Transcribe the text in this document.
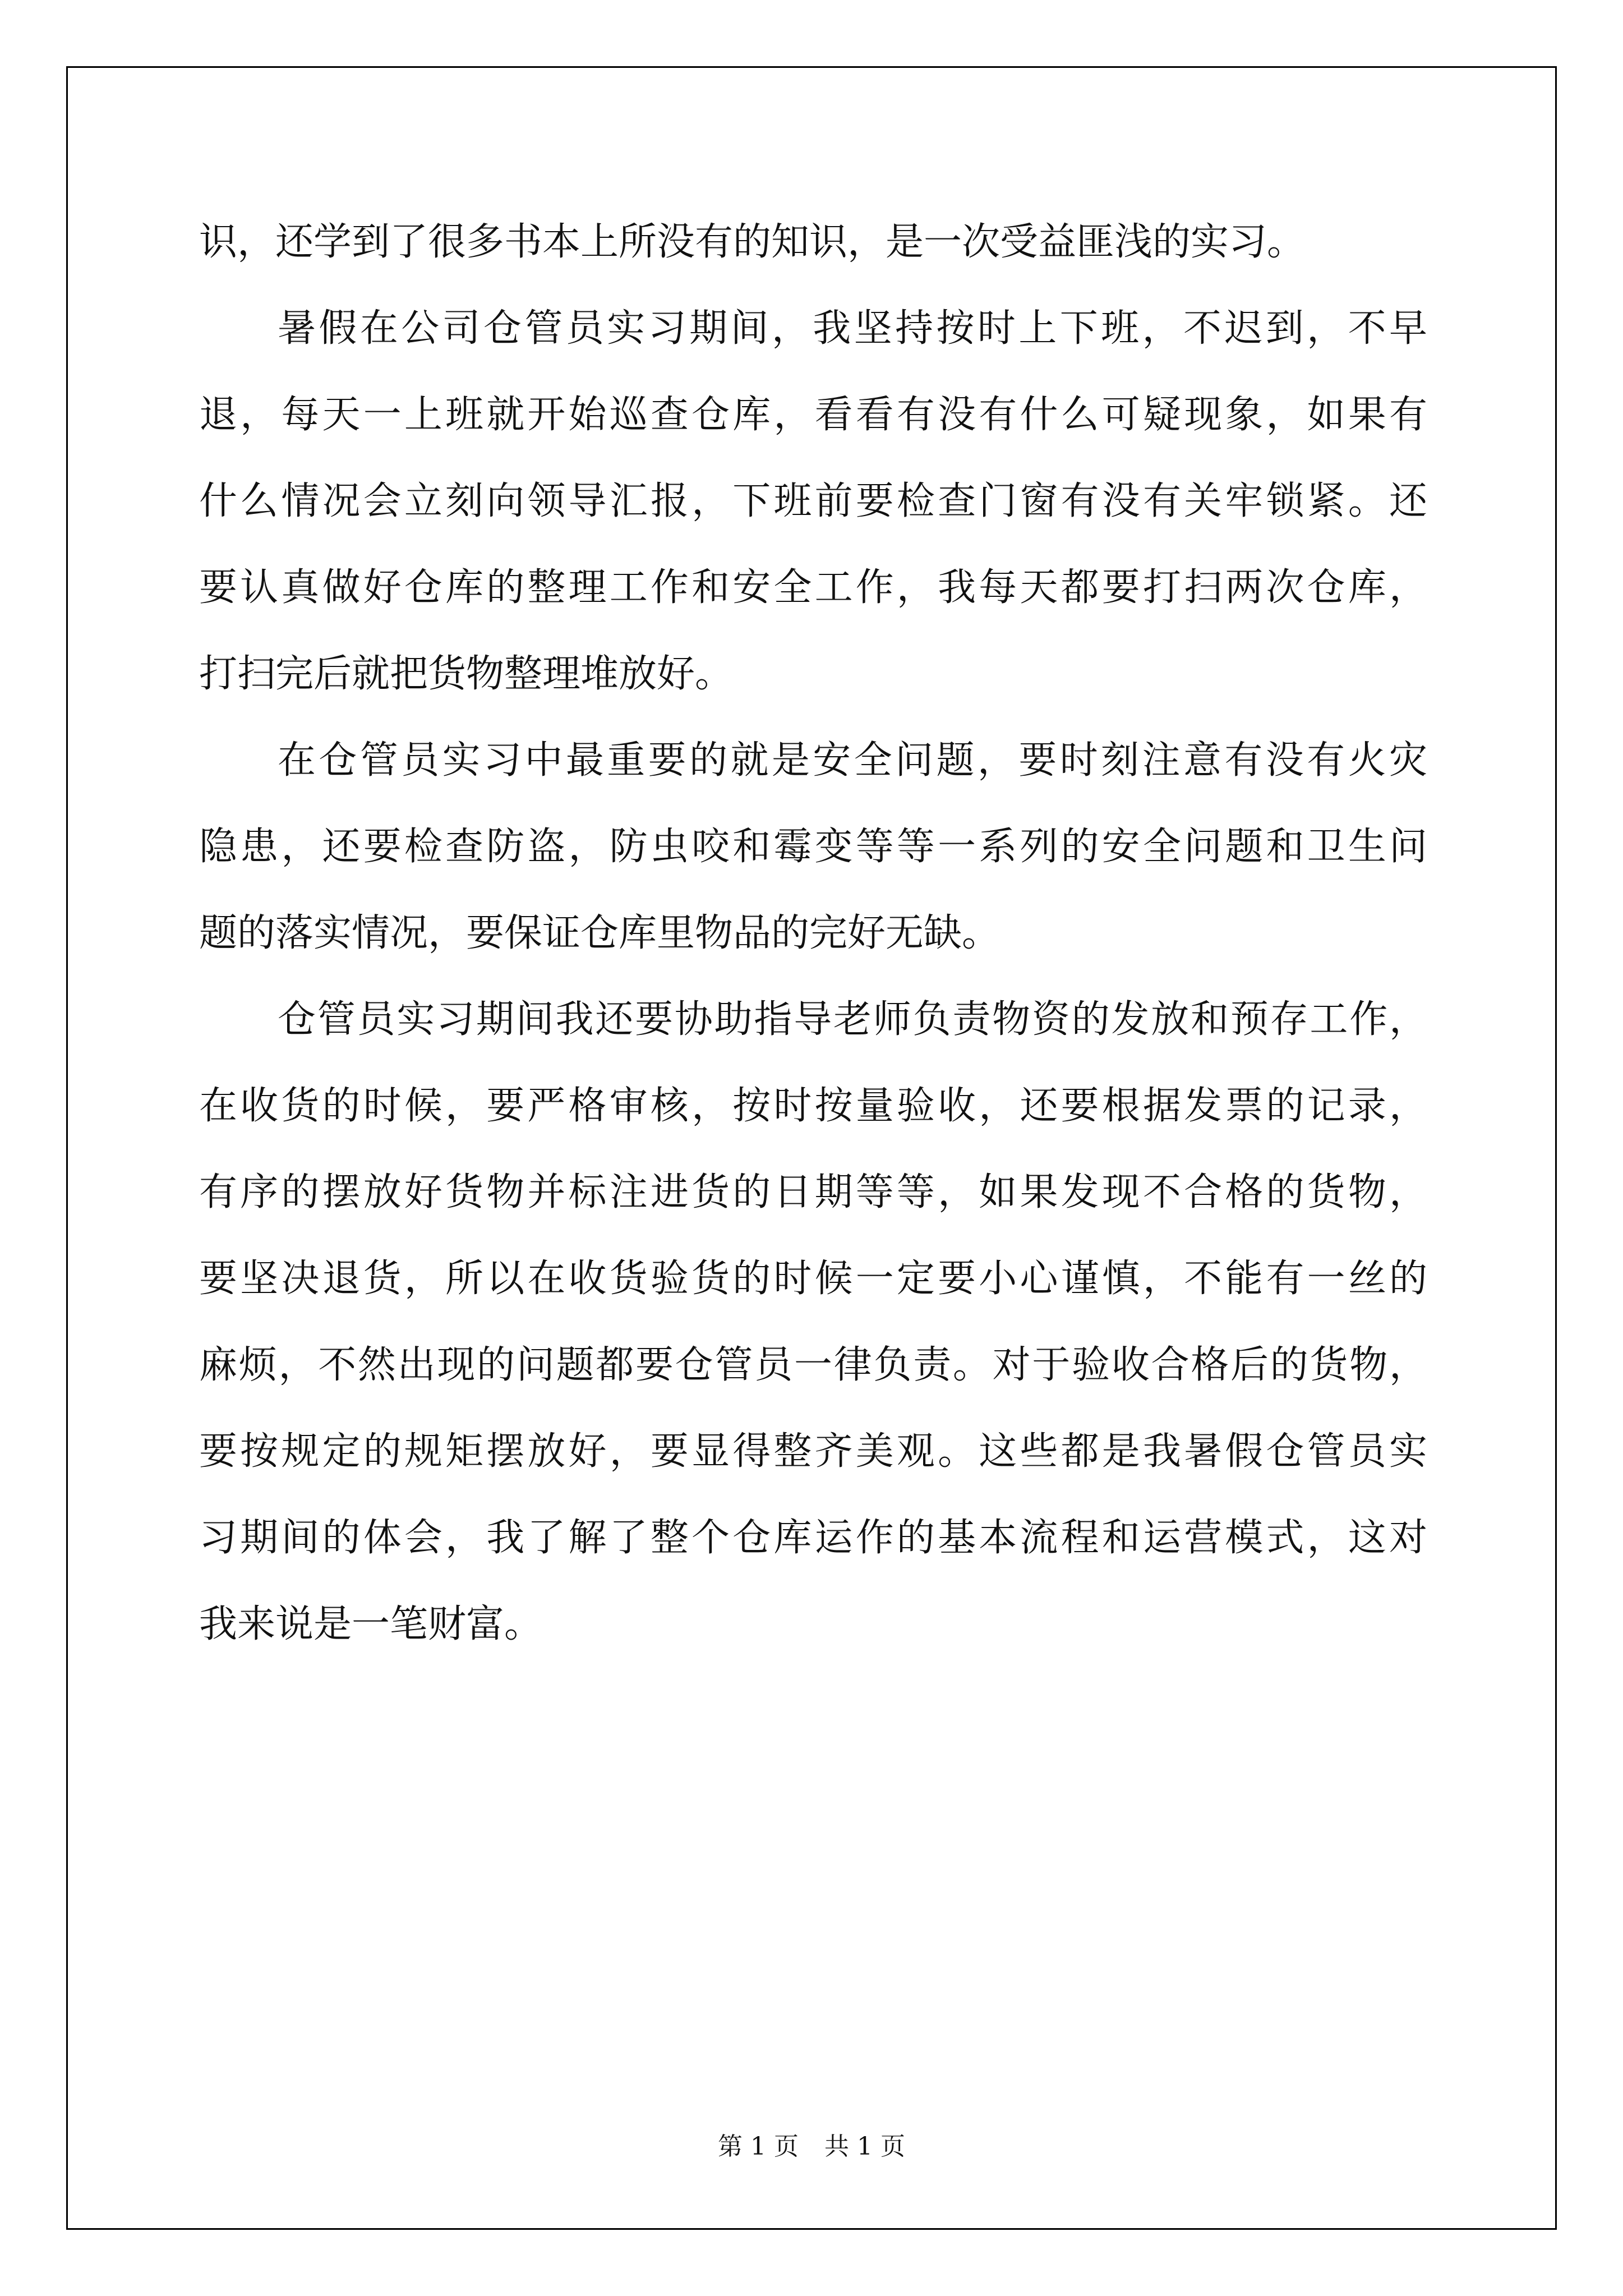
识，还学到了很多书本上所没有的知识，是一次受益匪浅的实习。
暑假在公司仓管员实习期间，我坚持按时上下班，不迟到，不早
退，每天一上班就开始巡查仓库，看看有没有什么可疑现象，如果有
什么情况会立刻向领导汇报，下班前要检查门窗有没有关牢锁紧。还
要认真做好仓库的整理工作和安全工作，我每天都要打扫两次仓库，
打扫完后就把货物整理堆放好。
在仓管员实习中最重要的就是安全问题，要时刻注意有没有火灾
隐患，还要检查防盗，防虫咬和霉变等等一系列的安全问题和卫生问
题的落实情况，要保证仓库里物品的完好无缺。
仓管员实习期间我还要协助指导老师负责物资的发放和预存工作，
在收货的时候，要严格审核，按时按量验收，还要根据发票的记录，
有序的摆放好货物并标注进货的日期等等，如果发现不合格的货物，
要坚决退货，所以在收货验货的时候一定要小心谨慎，不能有一丝的
麻烦，不然出现的问题都要仓管员一律负责。对于验收合格后的货物，
要按规定的规矩摆放好，要显得整齐美观。这些都是我暑假仓管员实
习期间的体会，我了解了整个仓库运作的基本流程和运营模式，这对
我来说是一笔财富。
第 1 页 共 1 页
